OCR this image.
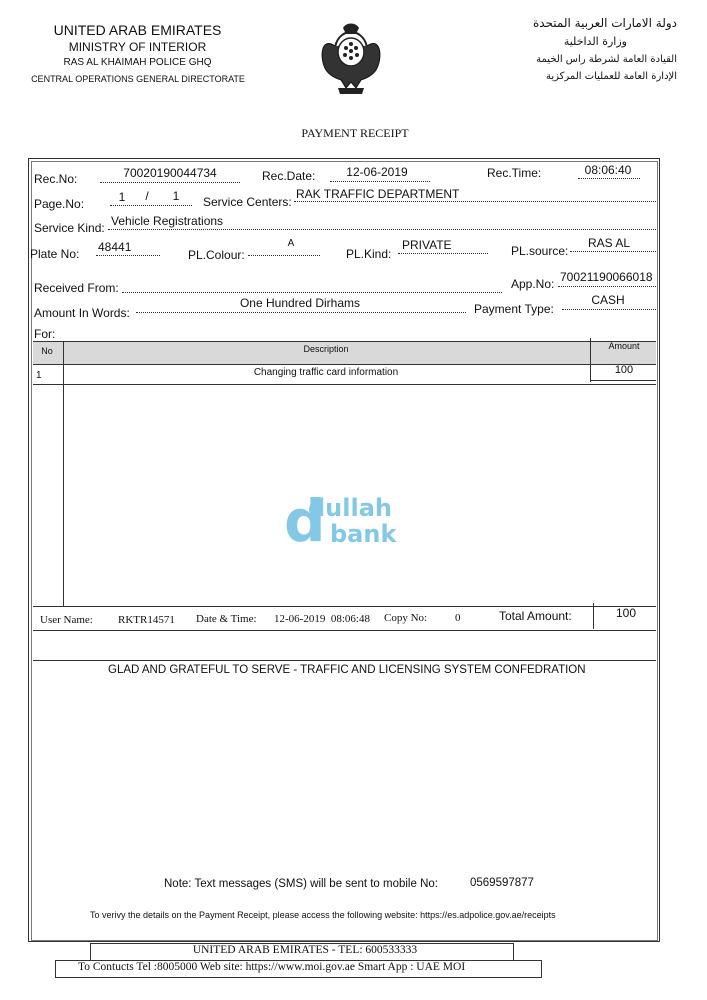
UNITED ARAB EMIRATES
MINISTRY OF INTERIOR
RAS AL KHAIMAH POLICE GHQ
CENTRAL OPERATIONS GENERAL DIRECTORATE
دولة الامارات العربية المتحدة
وزارة الداخلية
القيادة العامة لشرطة راس الخيمة
الإدارة العامة للعمليات المركزية
PAYMENT RECEIPT
Rec.No:	70020190044734	Rec.Date:	12-06-2019	Rec.Time:	08:06:40
Page.No:	1	/	1	Service Centers:
RAK TRAFFIC DEPARTMENT
Service Kind: Vehicle Registrations
Plate No: 48441
PL.Colour:
A
PL.Kind:
PRIVATE	PL.source:
RAS AL
Received From:	App.No: 70021190066018
Amount In Words:
One Hundred Dirhams	Payment Type:
CASH
For:
No	Description	Amount
1	Changing traffic card information	100
d
dullah
bank
User Name: RKTR14571 Date & Time: 12-06-2019  08:06:48 Copy No:	0	Total Amount:	100
GLAD AND GRATEFUL TO SERVE - TRAFFIC AND LICENSING SYSTEM CONFEDRATION
Note: Text messages (SMS) will be sent to mobile No:	0569597877
To verivy the details on the Payment Receipt, please access the following website: https://es.adpolice.gov.ae/receipts
UNITED ARAB EMIRATES - TEL: 600533333
To Contucts Tel :8005000 Web site: https://www.moi.gov.ae Smart App : UAE MOI
